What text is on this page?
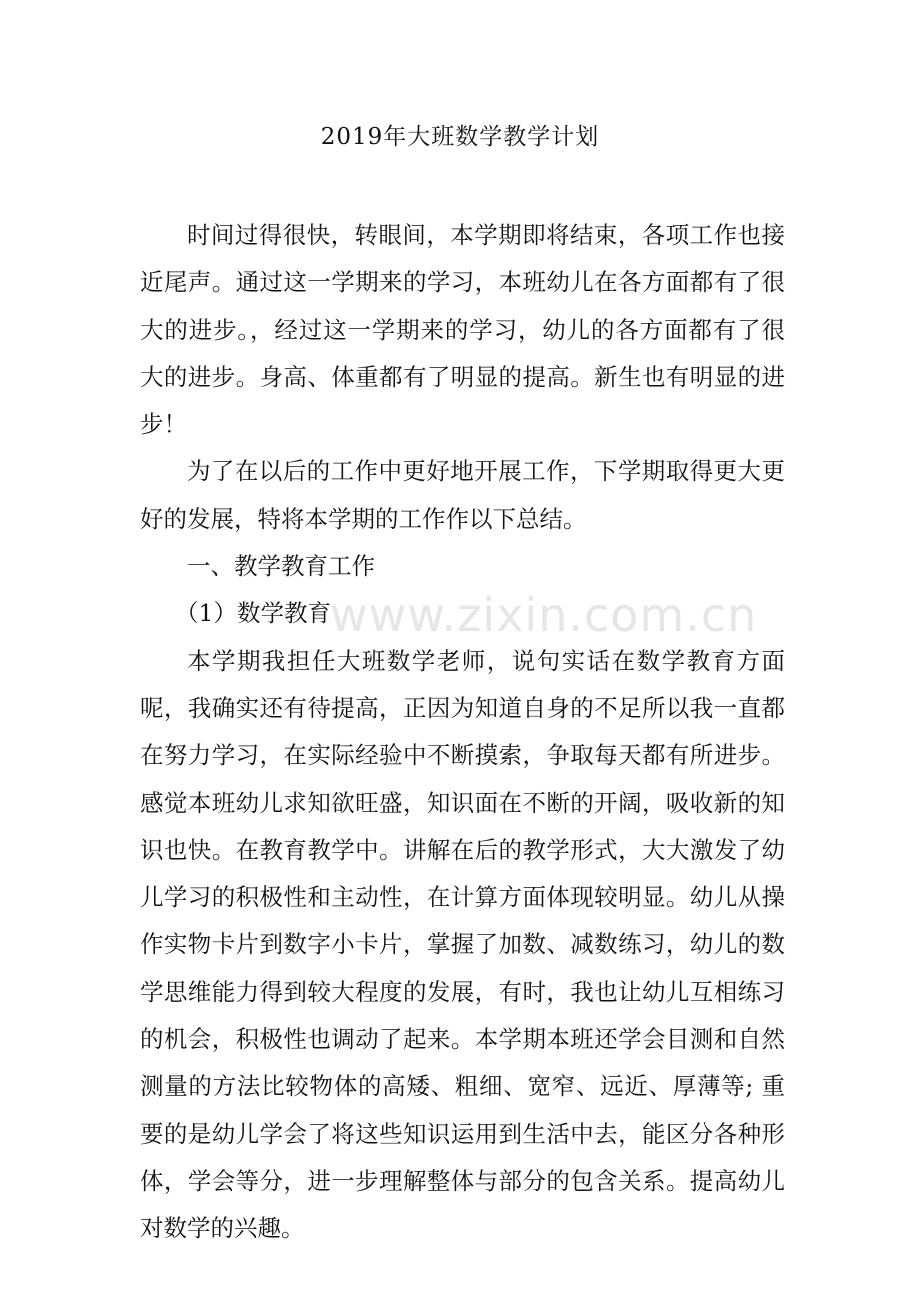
www.zixin.com.cn
2019年大班数学教学计划

时间过得很快，转眼间，本学期即将结束，各项工作也接近尾声。通过这一学期来的学习，本班幼儿在各方面都有了很大的进步。，经过这一学期来的学习，幼儿的各方面都有了很大的进步。身高、体重都有了明显的提高。新生也有明显的进步！

为了在以后的工作中更好地开展工作，下学期取得更大更好的发展，特将本学期的工作作以下总结。

一、教学教育工作

（1）数学教育

本学期我担任大班数学老师，说句实话在数学教育方面呢，我确实还有待提高，正因为知道自身的不足所以我一直都在努力学习，在实际经验中不断摸索，争取每天都有所进步。感觉本班幼儿求知欲旺盛，知识面在不断的开阔，吸收新的知识也快。在教育教学中。讲解在后的教学形式，大大激发了幼儿学习的积极性和主动性，在计算方面体现较明显。幼儿从操作实物卡片到数字小卡片，掌握了加数、减数练习，幼儿的数学思维能力得到较大程度的发展，有时，我也让幼儿互相练习的机会，积极性也调动了起来。本学期本班还学会目测和自然测量的方法比较物体的高矮、粗细、宽窄、远近、厚薄等; 重要的是幼儿学会了将这些知识运用到生活中去，能区分各种形体，学会等分，进一步理解整体与部分的包含关系。提高幼儿对数学的兴趣。
